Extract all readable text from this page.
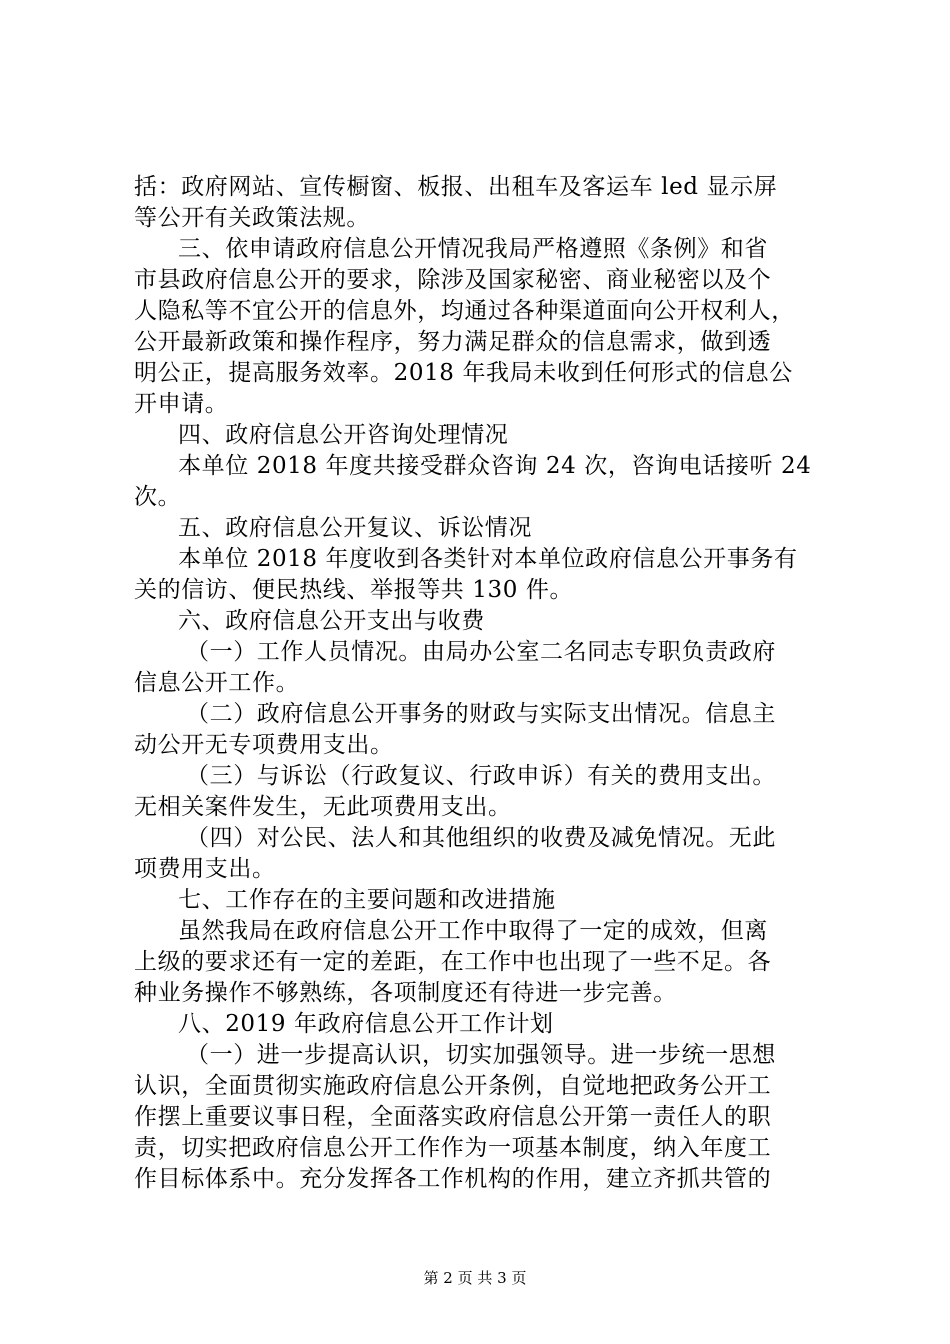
括：政府网站、宣传橱窗、板报、出租车及客运车 led 显示屏
等公开有关政策法规。
三、依申请政府信息公开情况我局严格遵照《条例》和省
市县政府信息公开的要求，除涉及国家秘密、商业秘密以及个
人隐私等不宜公开的信息外，均通过各种渠道面向公开权利人，
公开最新政策和操作程序，努力满足群众的信息需求，做到透
明公正，提高服务效率。2018 年我局未收到任何形式的信息公
开申请。
四、政府信息公开咨询处理情况
本单位 2018 年度共接受群众咨询 24 次，咨询电话接听 24
次。
五、政府信息公开复议、诉讼情况
本单位 2018 年度收到各类针对本单位政府信息公开事务有
关的信访、便民热线、举报等共 130 件。
六、政府信息公开支出与收费
（一）工作人员情况。由局办公室二名同志专职负责政府
信息公开工作。
（二）政府信息公开事务的财政与实际支出情况。信息主
动公开无专项费用支出。
（三）与诉讼（行政复议、行政申诉）有关的费用支出。
无相关案件发生，无此项费用支出。
（四）对公民、法人和其他组织的收费及减免情况。无此
项费用支出。
七、工作存在的主要问题和改进措施
虽然我局在政府信息公开工作中取得了一定的成效，但离
上级的要求还有一定的差距，在工作中也出现了一些不足。各
种业务操作不够熟练，各项制度还有待进一步完善。
八、2019 年政府信息公开工作计划
（一）进一步提高认识，切实加强领导。进一步统一思想
认识，全面贯彻实施政府信息公开条例，自觉地把政务公开工
作摆上重要议事日程，全面落实政府信息公开第一责任人的职
责，切实把政府信息公开工作作为一项基本制度，纳入年度工
作目标体系中。充分发挥各工作机构的作用，建立齐抓共管的
第 2 页 共 3 页
